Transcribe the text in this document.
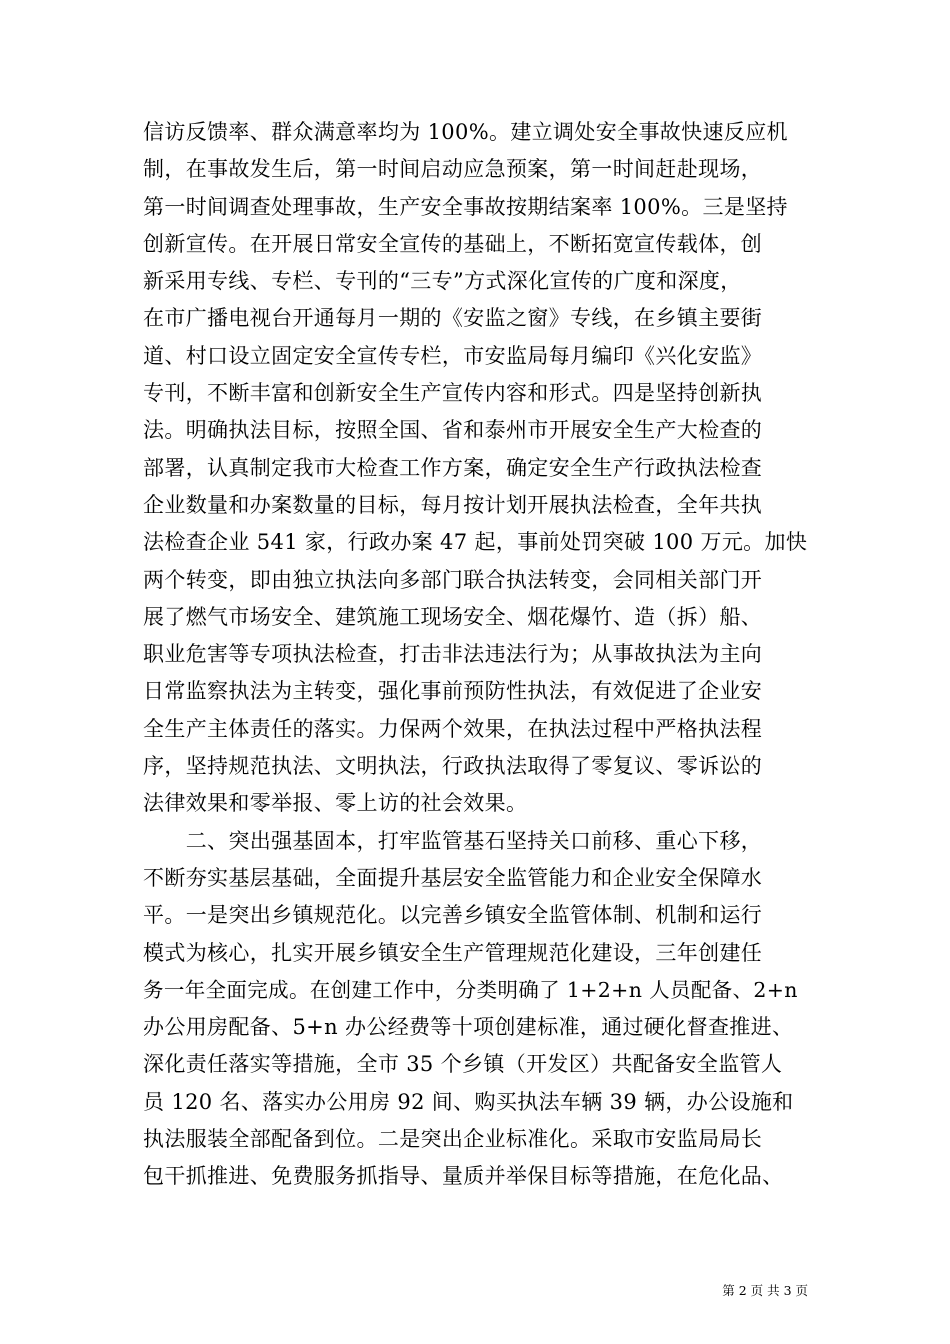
信访反馈率、群众满意率均为 100%。建立调处安全事故快速反应机
制，在事故发生后，第一时间启动应急预案，第一时间赶赴现场，
第一时间调查处理事故，生产安全事故按期结案率 100%。三是坚持
创新宣传。在开展日常安全宣传的基础上，不断拓宽宣传载体，创
新采用专线、专栏、专刊的“三专”方式深化宣传的广度和深度，
在市广播电视台开通每月一期的《安监之窗》专线，在乡镇主要街
道、村口设立固定安全宣传专栏，市安监局每月编印《兴化安监》
专刊，不断丰富和创新安全生产宣传内容和形式。四是坚持创新执
法。明确执法目标，按照全国、省和泰州市开展安全生产大检查的
部署，认真制定我市大检查工作方案，确定安全生产行政执法检查
企业数量和办案数量的目标，每月按计划开展执法检查，全年共执
法检查企业 541 家，行政办案 47 起，事前处罚突破 100 万元。加快
两个转变，即由独立执法向多部门联合执法转变，会同相关部门开
展了燃气市场安全、建筑施工现场安全、烟花爆竹、造（拆）船、
职业危害等专项执法检查，打击非法违法行为；从事故执法为主向
日常监察执法为主转变，强化事前预防性执法，有效促进了企业安
全生产主体责任的落实。力保两个效果，在执法过程中严格执法程
序，坚持规范执法、文明执法，行政执法取得了零复议、零诉讼的
法律效果和零举报、零上访的社会效果。
　　二、突出强基固本，打牢监管基石坚持关口前移、重心下移，
不断夯实基层基础，全面提升基层安全监管能力和企业安全保障水
平。一是突出乡镇规范化。以完善乡镇安全监管体制、机制和运行
模式为核心，扎实开展乡镇安全生产管理规范化建设，三年创建任
务一年全面完成。在创建工作中，分类明确了 1+2+n 人员配备、2+n
办公用房配备、5+n 办公经费等十项创建标准，通过硬化督查推进、
深化责任落实等措施，全市 35 个乡镇（开发区）共配备安全监管人
员 120 名、落实办公用房 92 间、购买执法车辆 39 辆，办公设施和
执法服装全部配备到位。二是突出企业标准化。采取市安监局局长
包干抓推进、免费服务抓指导、量质并举保目标等措施，在危化品、
第 2 页 共 3 页
